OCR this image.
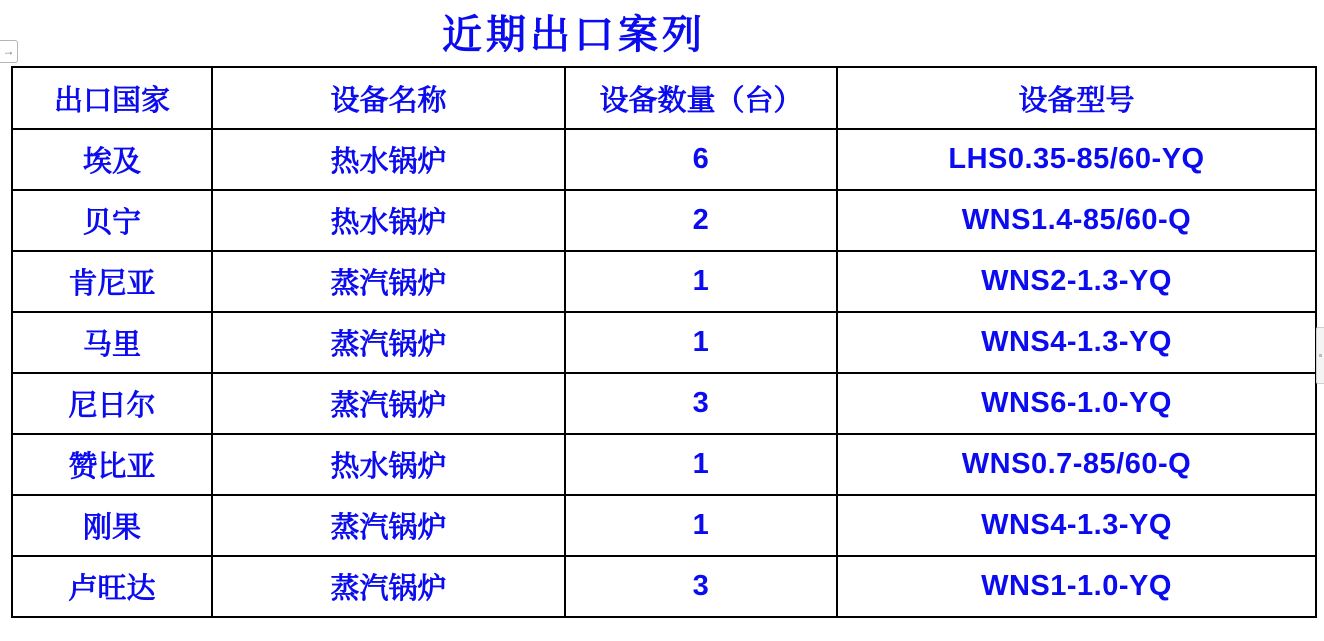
近期出口案列
→
出口国家	设备名称	设备数量（台）	设备型号
埃及	热水锅炉	6	LHS0.35-85/60-YQ
贝宁	热水锅炉	2	WNS1.4-85/60-Q
肯尼亚	蒸汽锅炉	1	WNS2-1.3-YQ
马里	蒸汽锅炉	1	WNS4-1.3-YQ
尼日尔	蒸汽锅炉	3	WNS6-1.0-YQ
赞比亚	热水锅炉	1	WNS0.7-85/60-Q
刚果	蒸汽锅炉	1	WNS4-1.3-YQ
卢旺达	蒸汽锅炉	3	WNS1-1.0-YQ
